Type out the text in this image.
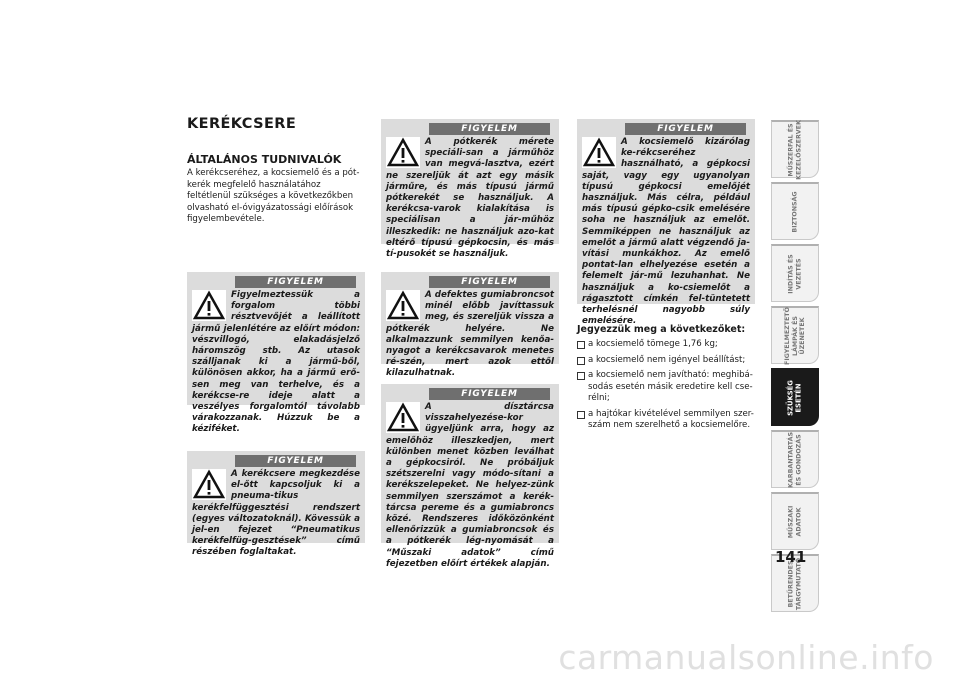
KERÉKCSERE
ÁLTALÁNOS TUDNIVALÓK
A kerékcseréhez, a kocsiemelő és a pót-kerék megfelelő használatához feltétlenül szükséges a következőkben olvasható el-óvigyázatossági előírások figyelembevétele.
FIGYELEM
Figyelmeztessük a forgalom többi résztvevőjét a leállított jármű jelenlétére az előírt módon: vészvillogó, elakadásjelző háromszög stb. Az utasok szálljanak ki a jármű-ből, különösen akkor, ha a jármű erő-sen meg van terhelve, és a kerékcse-re ideje alatt a veszélyes forgalomtól távolabb várakozzanak. Húzzuk be a kéziféket.
FIGYELEM
A kerékcsere megkezdése el-őtt kapcsoljuk ki a pneuma-tikus kerékfelfüggesztési rendszert (egyes változatoknál). Kövessük a jel-en fejezet “Pneumatikus kerékfelfüg-gesztések” című részében foglaltakat.
FIGYELEM
A pótkerék mérete speciáli-san a járműhöz van megvá-lasztva, ezért ne szereljük át azt egy másik járműre, és más típusú jármű pótkerekét se használjuk. A kerékcsa-varok kialakítása is speciálisan a jár-műhöz illeszkedik: ne használjuk azo-kat eltérő típusú gépkocsin, és más tí-pusokét se használjuk.
FIGYELEM
A defektes gumiabroncsot minél előbb javíttassuk meg, és szereljük vissza a pótkerék helyére. Ne alkalmazzunk semmilyen kenőa-nyagot a kerékcsavarok menetes ré-szén, mert azok ettől kilazulhatnak.
FIGYELEM
A dísztárcsa visszahelyezése-kor ügyeljünk arra, hogy az emelőhöz illeszkedjen, mert különben menet közben leválhat a gépkocsiról. Ne próbáljuk szétszerelni vagy módo-sítani a kerékszelepeket. Ne helyez-zünk semmilyen szerszámot a kerék-tárcsa pereme és a gumiabroncs közé. Rendszeres időközönként ellenőrizzük a gumiabroncsok és a pótkerék lég-nyomását a “Műszaki adatok” című fejezetben előírt értékek alapján.
FIGYELEM
A kocsiemelő kizárólag ke-rékcseréhez használható, a gépkocsi saját, vagy egy ugyanolyan típusú gépkocsi emelőjét használjuk. Más célra, például más típusú gépko-csik emelésére soha ne használjuk az emelőt. Semmiképpen ne használjuk az emelőt a jármű alatt végzendő ja-vítási munkákhoz. Az emelő pontat-lan elhelyezése esetén a felemelt jár-mű lezuhanhat. Ne használjuk a ko-csiemelőt a rágasztott címkén fel-tüntetett terhelésnél nagyobb súly emelésére.
Jegyezzük meg a következőket:
a kocsiemelő tömege 1,76 kg;
a kocsiemelő nem igényel beállítást;
a kocsiemelő nem javítható: meghibá-sodás esetén másik eredetire kell cse-rélni;
a hajtókar kivételével semmilyen szer-szám nem szerelhető a kocsiemelőre.
MŰSZERFAL ÉS
KEZELŐSZERVEK
BIZTONSÁG
INDÍTÁS ÉS
VEZETÉS
FIGYELMEZTETŐ
LÁMPÁK ÉS
ÜZENETEK
SZÜKSÉG
ESETÉN
KARBANTARTÁS
ÉS GONDOZÁS
MŰSZAKI
ADATOK
BETŰRENDES
TÁRGYMUTATÓ
141
carmanualsonline.info
